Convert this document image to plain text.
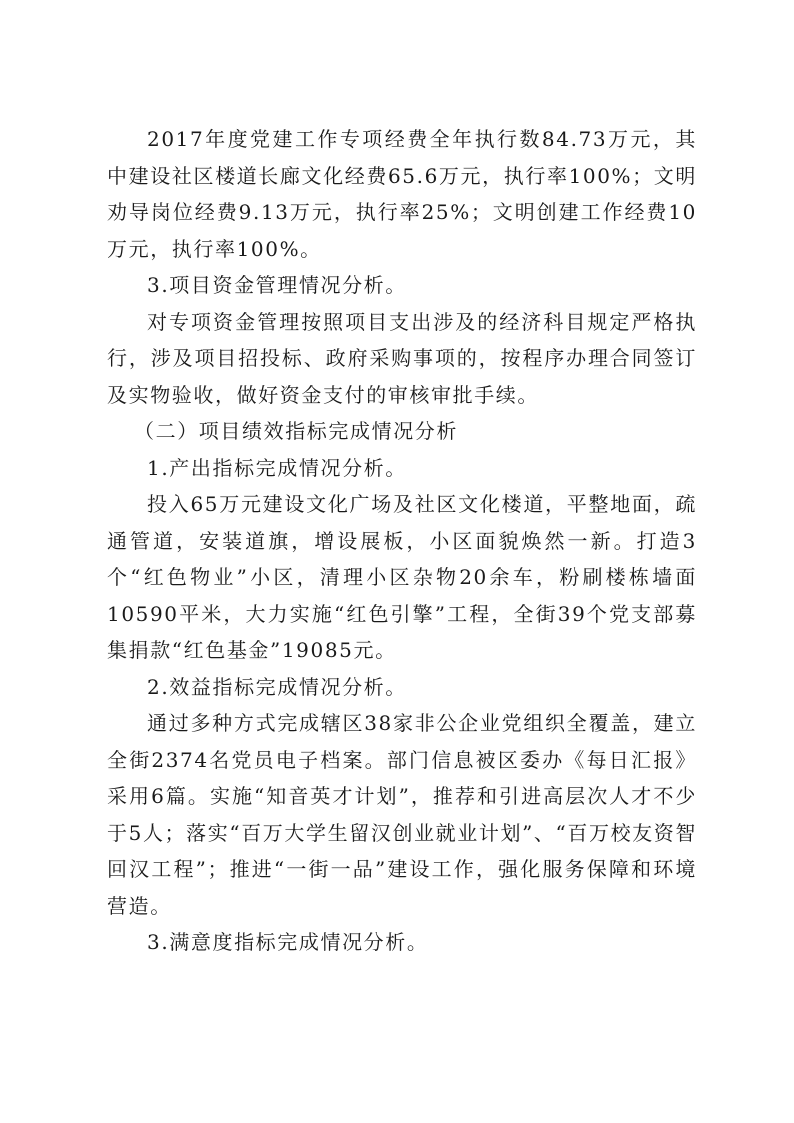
2017年度党建工作专项经费全年执行数84.73万元，其中建设社区楼道长廊文化经费65.6万元，执行率100%；文明劝导岗位经费9.13万元，执行率25%；文明创建工作经费10万元，执行率100%。

3.项目资金管理情况分析。

对专项资金管理按照项目支出涉及的经济科目规定严格执行，涉及项目招投标、政府采购事项的，按程序办理合同签订及实物验收，做好资金支付的审核审批手续。

（二）项目绩效指标完成情况分析

1.产出指标完成情况分析。

投入65万元建设文化广场及社区文化楼道，平整地面，疏通管道，安装道旗，增设展板，小区面貌焕然一新。打造3个“红色物业”小区，清理小区杂物20余车，粉刷楼栋墙面10590平米，大力实施“红色引擎”工程，全街39个党支部募集捐款“红色基金”19085元。

2.效益指标完成情况分析。

通过多种方式完成辖区38家非公企业党组织全覆盖，建立全街2374名党员电子档案。部门信息被区委办《每日汇报》采用6篇。实施“知音英才计划”，推荐和引进高层次人才不少于5人；落实“百万大学生留汉创业就业计划”、“百万校友资智回汉工程”；推进“一街一品”建设工作，强化服务保障和环境营造。

3.满意度指标完成情况分析。
